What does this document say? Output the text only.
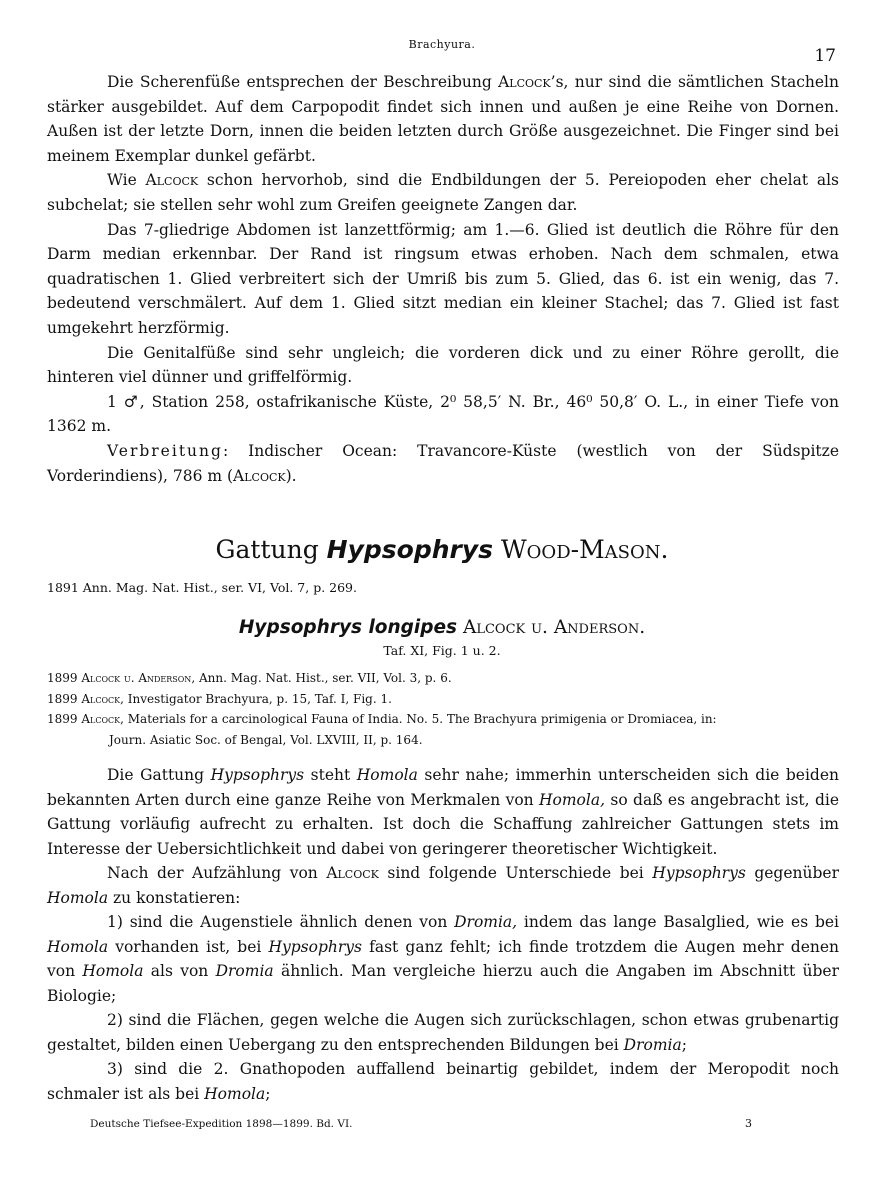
Brachyura.
17

Die Scherenfüße entsprechen der Beschreibung Alcock’s, nur sind die sämtlichen Stacheln stärker ausgebildet. Auf dem Carpopodit findet sich innen und außen je eine Reihe von Dornen. Außen ist der letzte Dorn, innen die beiden letzten durch Größe ausgezeichnet. Die Finger sind bei meinem Exemplar dunkel gefärbt.

Wie Alcock schon hervorhob, sind die Endbildungen der 5. Pereiopoden eher chelat als subchelat; sie stellen sehr wohl zum Greifen geeignete Zangen dar.

Das 7-gliedrige Abdomen ist lanzettförmig; am 1.—6. Glied ist deutlich die Röhre für den Darm median erkennbar. Der Rand ist ringsum etwas erhoben. Nach dem schmalen, etwa quadratischen 1. Glied verbreitert sich der Umriß bis zum 5. Glied, das 6. ist ein wenig, das 7. bedeutend verschmälert. Auf dem 1. Glied sitzt median ein kleiner Stachel; das 7. Glied ist fast umgekehrt herzförmig.

Die Genitalfüße sind sehr ungleich; die vorderen dick und zu einer Röhre gerollt, die hinteren viel dünner und griffelförmig.

1 ♂, Station 258, ostafrikanische Küste, 2⁰ 58,5′ N. Br., 46⁰ 50,8′ O. L., in einer Tiefe von 1362 m.

Verbreitung: Indischer Ocean: Travancore-Küste (westlich von der Südspitze Vorderindiens), 786 m (Alcock).

Gattung Hypsophrys Wood-Mason.
1891 Ann. Mag. Nat. Hist., ser. VI, Vol. 7, p. 269.
Hypsophrys longipes Alcock u. Anderson.
Taf. XI, Fig. 1 u. 2.
1899 Alcock u. Anderson, Ann. Mag. Nat. Hist., ser. VII, Vol. 3, p. 6.
1899 Alcock, Investigator Brachyura, p. 15, Taf. I, Fig. 1.
1899 Alcock, Materials for a carcinological Fauna of India. No. 5. The Brachyura primigenia or Dromiacea, in:
Journ. Asiatic Soc. of Bengal, Vol. LXVIII, II, p. 164.

Die Gattung Hypsophrys steht Homola sehr nahe; immerhin unterscheiden sich die beiden bekannten Arten durch eine ganze Reihe von Merkmalen von Homola, so daß es angebracht ist, die Gattung vorläufig aufrecht zu erhalten. Ist doch die Schaffung zahlreicher Gattungen stets im Interesse der Uebersichtlichkeit und dabei von geringerer theoretischer Wichtigkeit.

Nach der Aufzählung von Alcock sind folgende Unterschiede bei Hypsophrys gegenüber Homola zu konstatieren:

1) sind die Augenstiele ähnlich denen von Dromia, indem das lange Basalglied, wie es bei Homola vorhanden ist, bei Hypsophrys fast ganz fehlt; ich finde trotzdem die Augen mehr denen von Homola als von Dromia ähnlich. Man vergleiche hierzu auch die Angaben im Abschnitt über Biologie;

2) sind die Flächen, gegen welche die Augen sich zurückschlagen, schon etwas grubenartig gestaltet, bilden einen Uebergang zu den entsprechenden Bildungen bei Dromia;

3) sind die 2. Gnathopoden auffallend beinartig gebildet, indem der Meropodit noch schmaler ist als bei Homola;

Deutsche Tiefsee-Expedition 1898—1899. Bd. VI.	3
